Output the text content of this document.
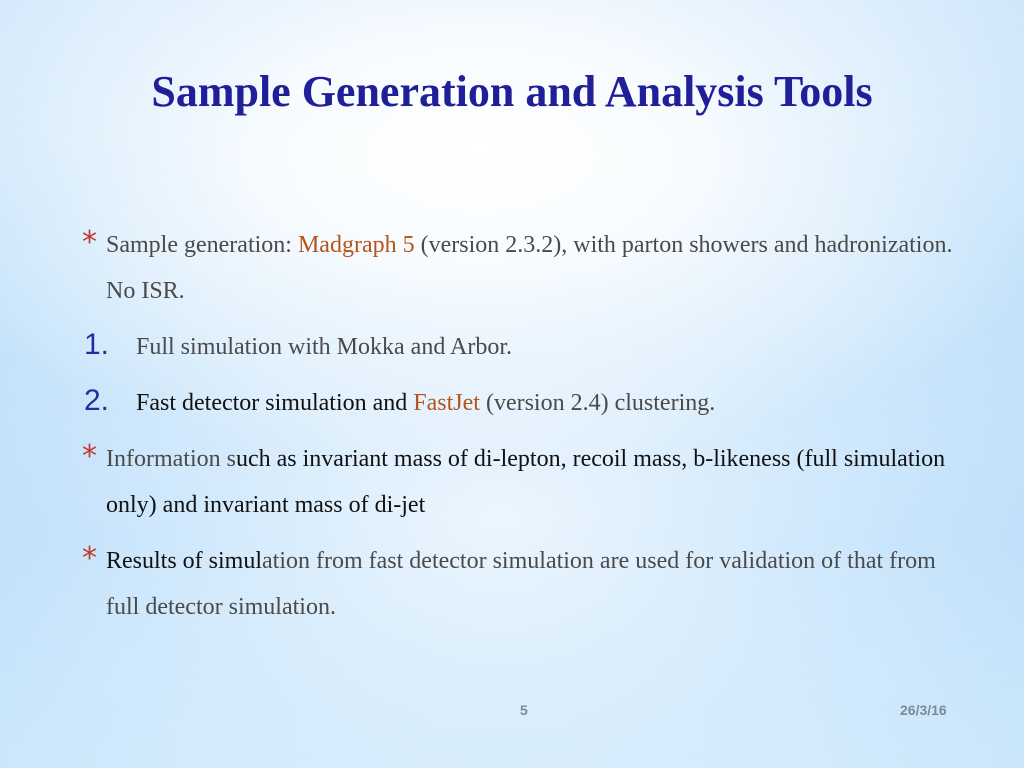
Sample Generation and Analysis Tools
* Sample generation: Madgraph 5 (version 2.3.2), with parton showers and hadronization. No ISR.
1. Full simulation with Mokka and Arbor.
2. Fast detector simulation and FastJet (version 2.4) clustering.
* Information such as invariant mass of di-lepton, recoil mass, b-likeness (full simulation only) and invariant mass of di-jet
* Results of simulation from fast detector simulation are used for validation of that from full detector simulation.
5	26/3/16
